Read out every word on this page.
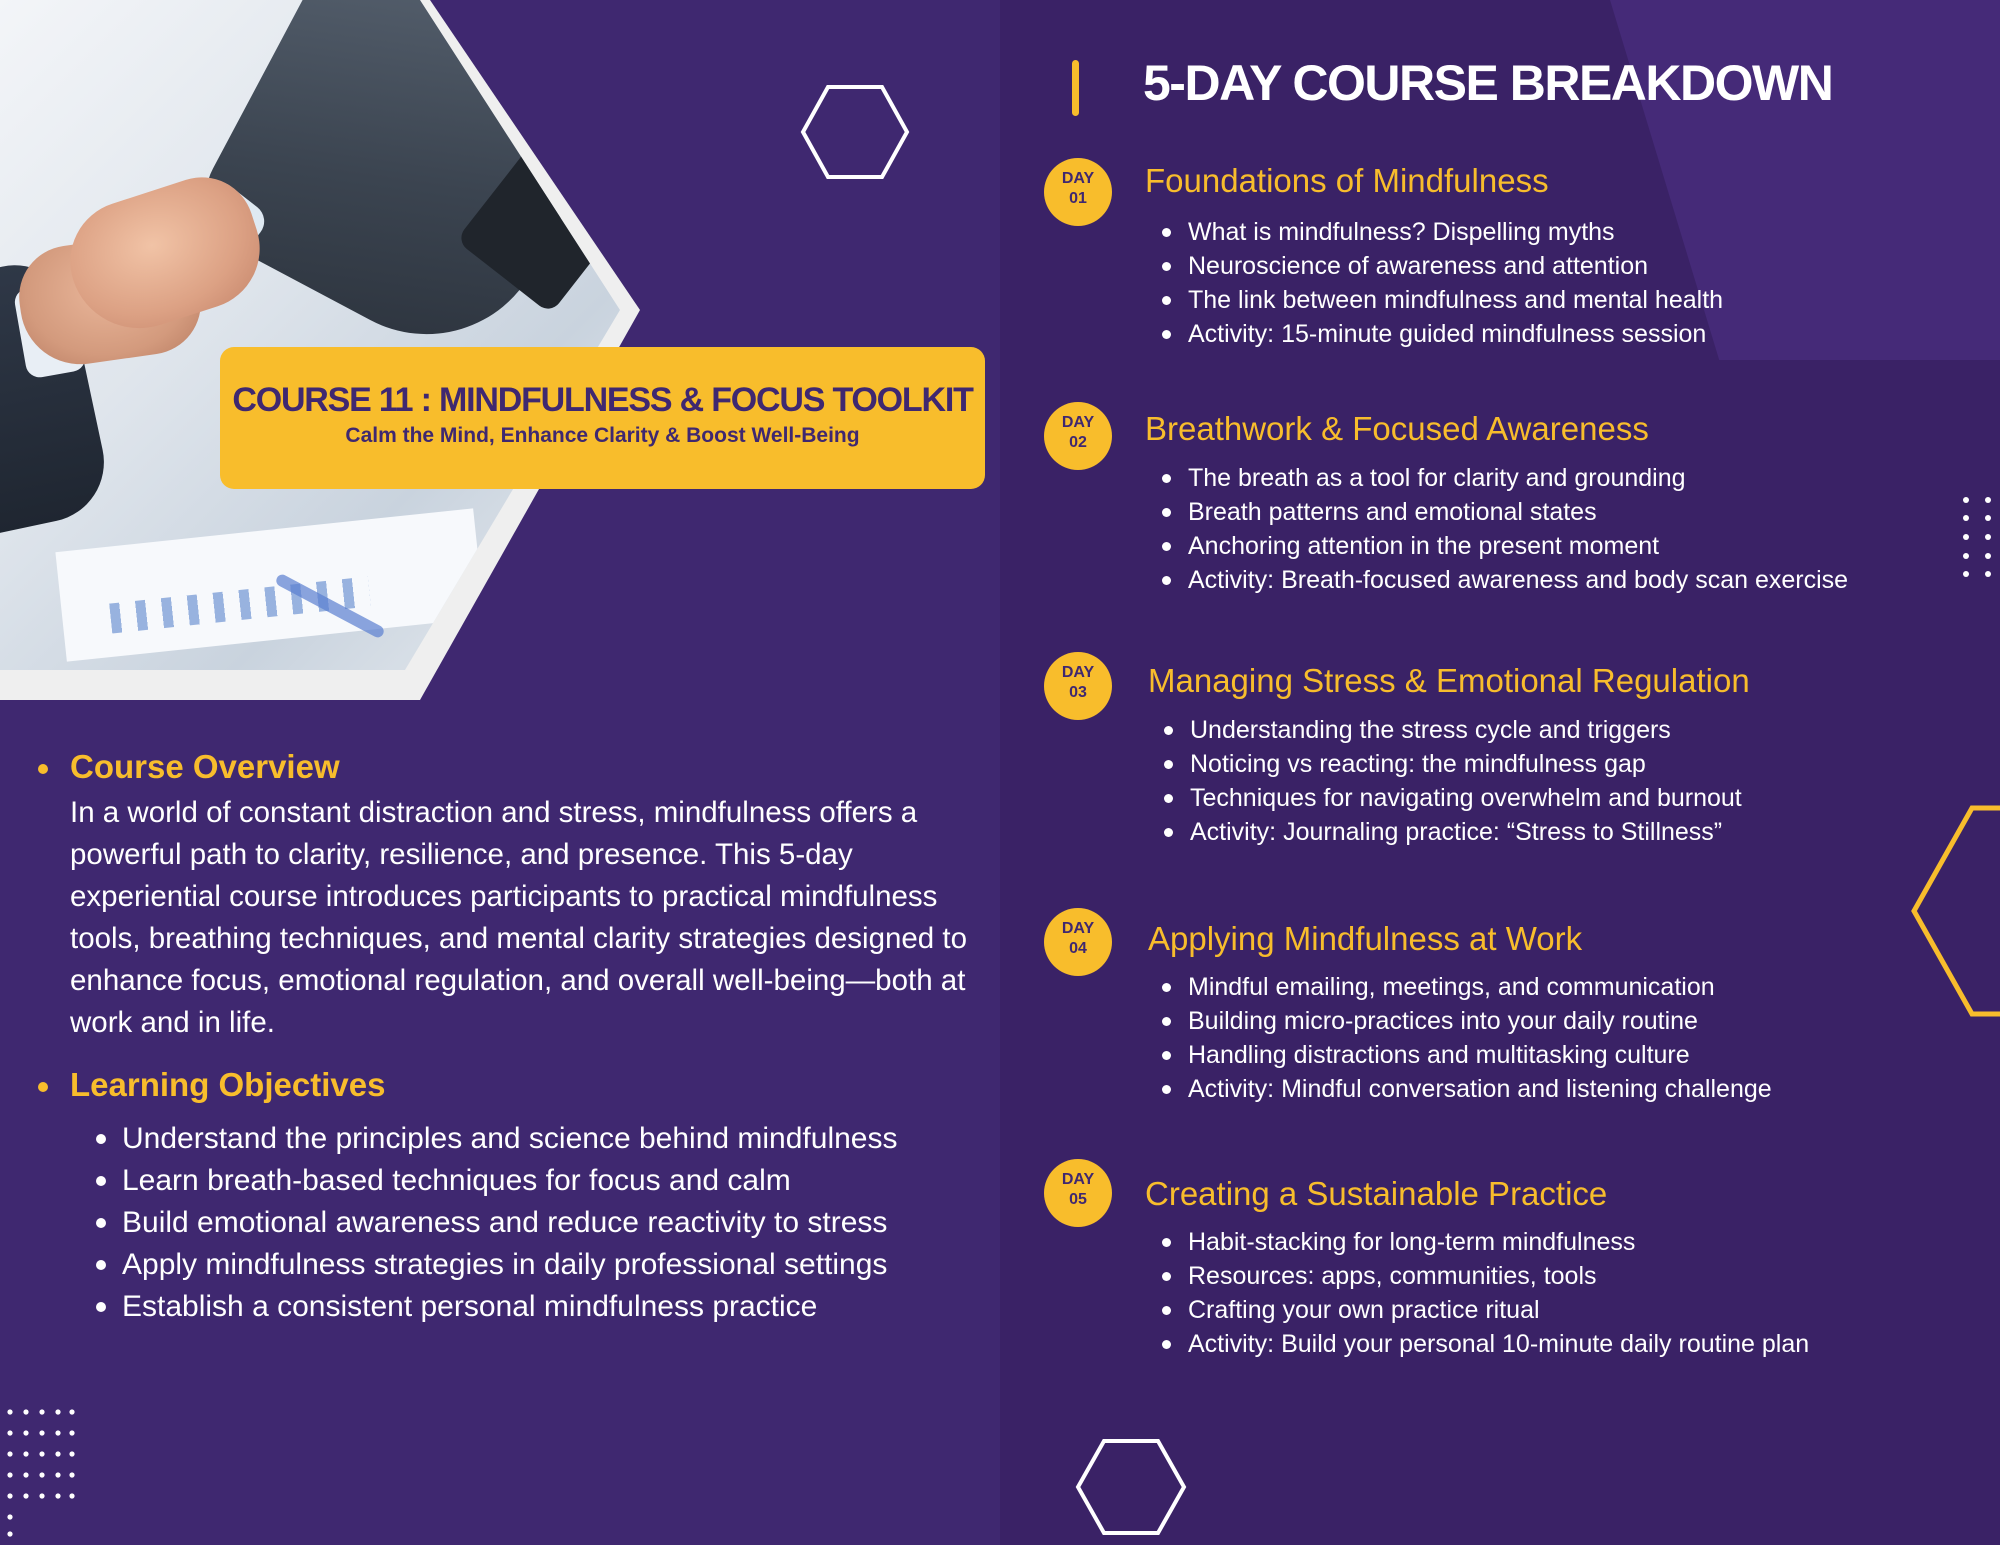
COURSE 11 : MINDFULNESS & FOCUS TOOLKIT
Calm the Mind, Enhance Clarity & Boost Well-Being
Course Overview

In a world of constant distraction and stress, mindfulness offers a powerful path to clarity, resilience, and presence. This 5-day experiential course introduces participants to practical mindfulness tools, breathing techniques, and mental clarity strategies designed to enhance focus, emotional regulation, and overall well-being—both at work and in life.

Learning Objectives
Understand the principles and science behind mindfulness
Learn breath-based techniques for focus and calm
Build emotional awareness and reduce reactivity to stress
Apply mindfulness strategies in daily professional settings
Establish a consistent personal mindfulness practice
5-DAY COURSE BREAKDOWN
DAY
01	Foundations of Mindfulness
What is mindfulness? Dispelling myths
Neuroscience of awareness and attention
The link between mindfulness and mental health
Activity: 15-minute guided mindfulness session
DAY
02	Breathwork & Focused Awareness
The breath as a tool for clarity and grounding
Breath patterns and emotional states
Anchoring attention in the present moment
Activity: Breath-focused awareness and body scan exercise
DAY
03	Managing Stress & Emotional Regulation
Understanding the stress cycle and triggers
Noticing vs reacting: the mindfulness gap
Techniques for navigating overwhelm and burnout
Activity: Journaling practice: “Stress to Stillness”
DAY
04	Applying Mindfulness at Work
Mindful emailing, meetings, and communication
Building micro-practices into your daily routine
Handling distractions and multitasking culture
Activity: Mindful conversation and listening challenge
DAY
05	Creating a Sustainable Practice
Habit-stacking for long-term mindfulness
Resources: apps, communities, tools
Crafting your own practice ritual
Activity: Build your personal 10-minute daily routine plan
